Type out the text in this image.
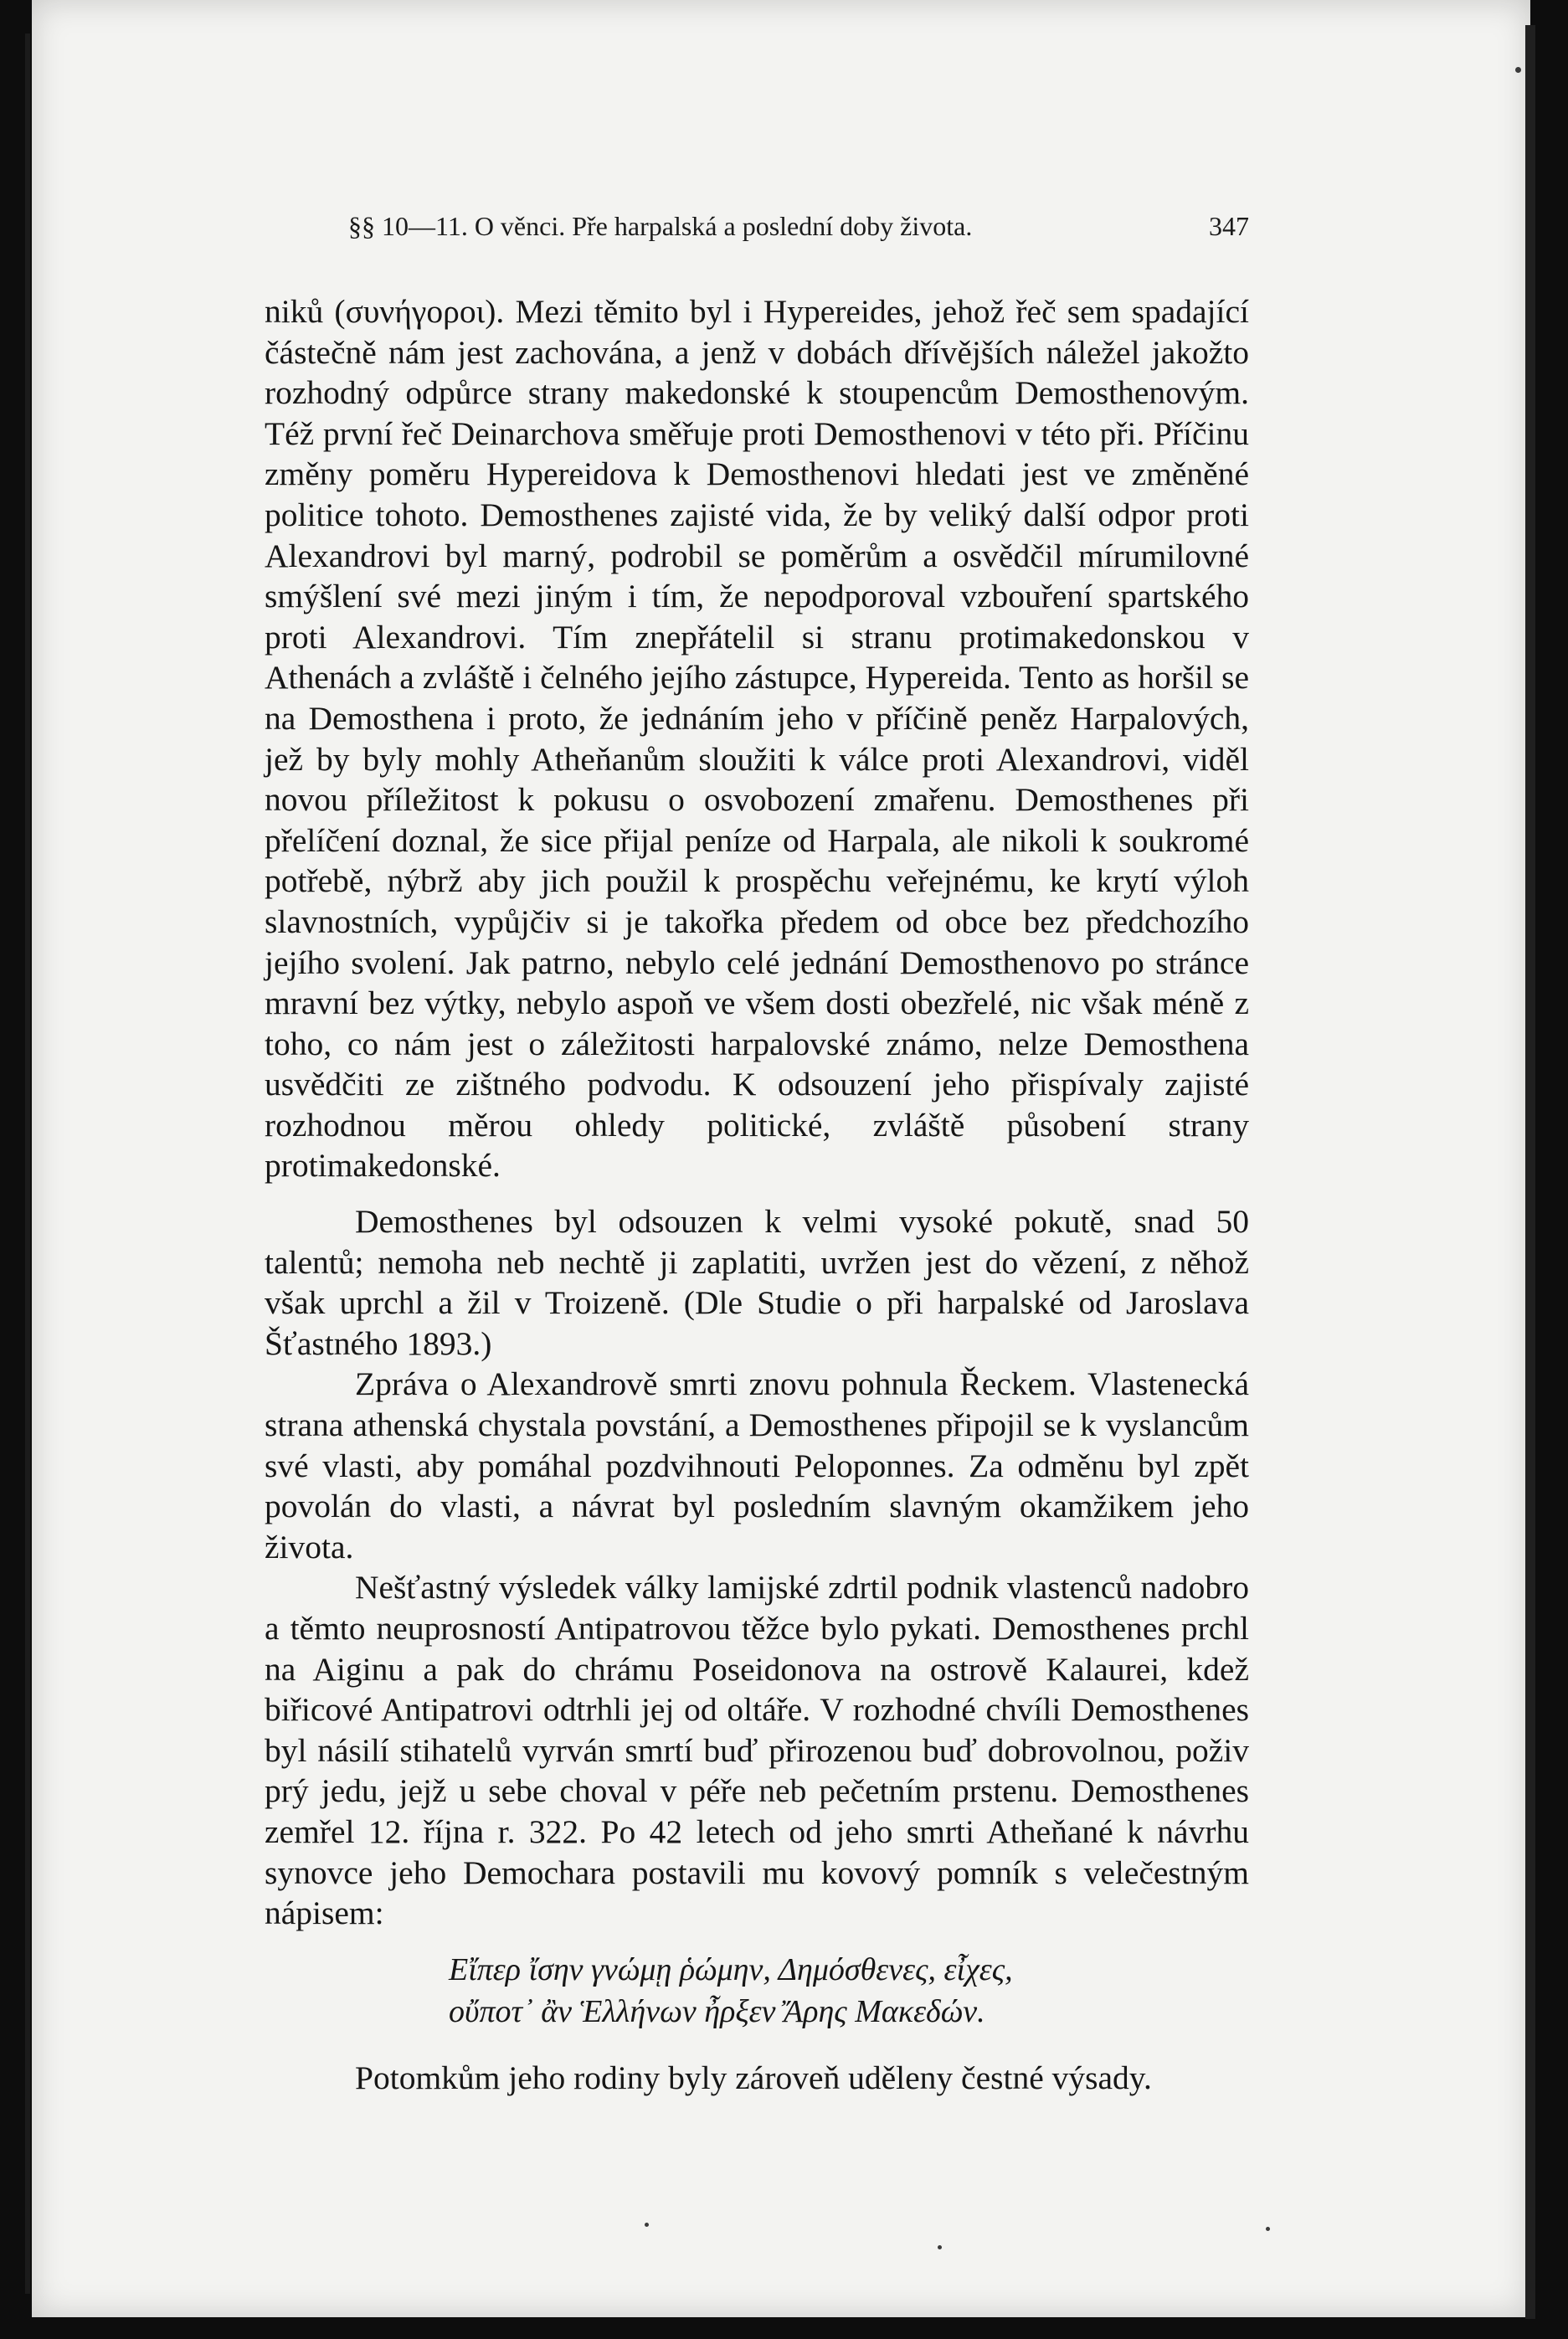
§§ 10—11. O věnci. Pře harpalská a poslední doby života.	347

niků (συνήγοροι). Mezi těmito byl i Hypereides, jehož řeč sem spadající částečně nám jest zachována, a jenž v dobách dřívějších náležel jakožto rozhodný odpůrce strany makedonské k stoupencům Demosthenovým. Též první řeč Deinarchova směřuje proti Demosthenovi v této při. Příčinu změny poměru Hypereidova k Demosthenovi hledati jest ve změněné politice tohoto. Demosthenes zajisté vida, že by veliký další odpor proti Alexandrovi byl marný, podrobil se poměrům a osvědčil mírumilovné smýšlení své mezi jiným i tím, že nepodporoval vzbouření spartského proti Alexandrovi. Tím znepřátelil si stranu protimakedonskou v Athenách a zvláště i čelného jejího zástupce, Hypereida. Tento as horšil se na Demosthena i proto, že jednáním jeho v příčině peněz Harpalových, jež by byly mohly Atheňanům sloužiti k válce proti Alexandrovi, viděl novou příležitost k pokusu o osvobození zmařenu. Demosthenes při přelíčení doznal, že sice přijal peníze od Harpala, ale nikoli k soukromé potřebě, nýbrž aby jich použil k prospěchu veřejnému, ke krytí výloh slavnostních, vypůjčiv si je takořka předem od obce bez předchozího jejího svolení. Jak patrno, nebylo celé jednání Demosthenovo po stránce mravní bez výtky, nebylo aspoň ve všem dosti obezřelé, nic však méně z toho, co nám jest o záležitosti harpalovské známo, nelze Demosthena usvědčiti ze zištného podvodu. K odsouzení jeho přispívaly zajisté rozhodnou měrou ohledy politické, zvláště působení strany protimakedonské.

Demosthenes byl odsouzen k velmi vysoké pokutě, snad 50 talentů; nemoha neb nechtě ji zaplatiti, uvržen jest do vězení, z něhož však uprchl a žil v Troizeně. (Dle Studie o při harpalské od Jaroslava Šťastného 1893.)

Zpráva o Alexandrově smrti znovu pohnula Řeckem. Vlastenecká strana athenská chystala povstání, a Demosthenes připojil se k vyslancům své vlasti, aby pomáhal pozdvihnouti Peloponnes. Za odměnu byl zpět povolán do vlasti, a návrat byl posledním slavným okamžikem jeho života.

Nešťastný výsledek války lamijské zdrtil podnik vlastenců nadobro a těmto neuprosností Antipatrovou těžce bylo pykati. Demosthenes prchl na Aiginu a pak do chrámu Poseidonova na ostrově Kalaurei, kdež biřicové Antipatrovi odtrhli jej od oltáře. V rozhodné chvíli Demosthenes byl násilí stihatelů vyrván smrtí buď přirozenou buď dobrovolnou, poživ prý jedu, jejž u sebe choval v péře neb pečetním prstenu. Demosthenes zemřel 12. října r. 322. Po 42 letech od jeho smrti Atheňané k návrhu synovce jeho Demochara postavili mu kovový pomník s velečestným nápisem:

Εἴπερ ἴσην γνώμῃ ῥώμην, Δημόσθενες, εἶχες,
οὔποτ᾽ ἂν Ἑλλήνων ἦρξεν Ἄρης Μακεδών.

Potomkům jeho rodiny byly zároveň uděleny čestné výsady.
